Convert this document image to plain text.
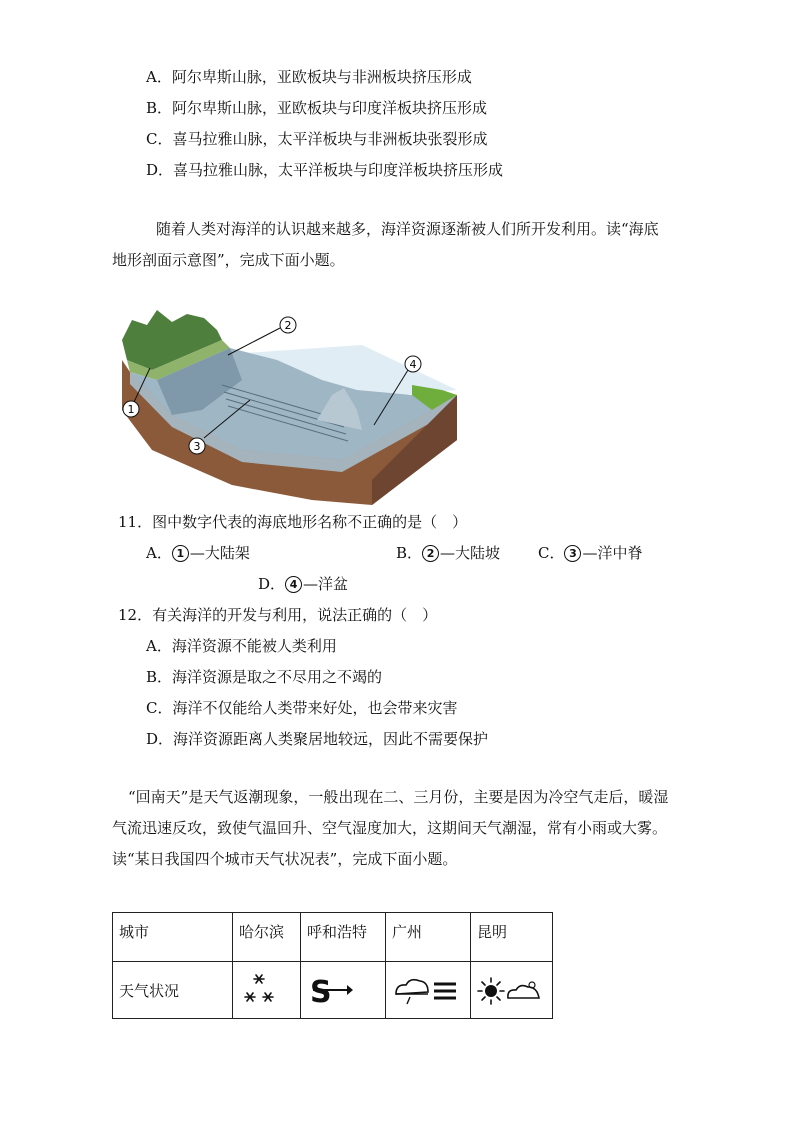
A．阿尔卑斯山脉，亚欧板块与非洲板块挤压形成
B．阿尔卑斯山脉，亚欧板块与印度洋板块挤压形成
C．喜马拉雅山脉，太平洋板块与非洲板块张裂形成
D．喜马拉雅山脉，太平洋板块与印度洋板块挤压形成
随着人类对海洋的认识越来越多，海洋资源逐渐被人们所开发利用。读“海底地形剖面示意图”，完成下面小题。
1
2
3
4
11．图中数字代表的海底地形名称不正确的是（　）
A． 1 —大陆架	B． 2 —大陆坡	C． 3 —洋中脊
D． 4 —洋盆
12．有关海洋的开发与利用，说法正确的（　）
A．海洋资源不能被人类利用
B．海洋资源是取之不尽用之不竭的
C．海洋不仅能给人类带来好处，也会带来灾害
D．海洋资源距离人类聚居地较远，因此不需要保护
“回南天”是天气返潮现象，一般出现在二、三月份，主要是因为冷空气走后，暖湿气流迅速反攻，致使气温回升、空气湿度加大，这期间天气潮湿，常有小雨或大雾。读“某日我国四个城市天气状况表”，完成下面小题。
城市	哈尔滨	呼和浩特	广州	昆明
天气状况		S
